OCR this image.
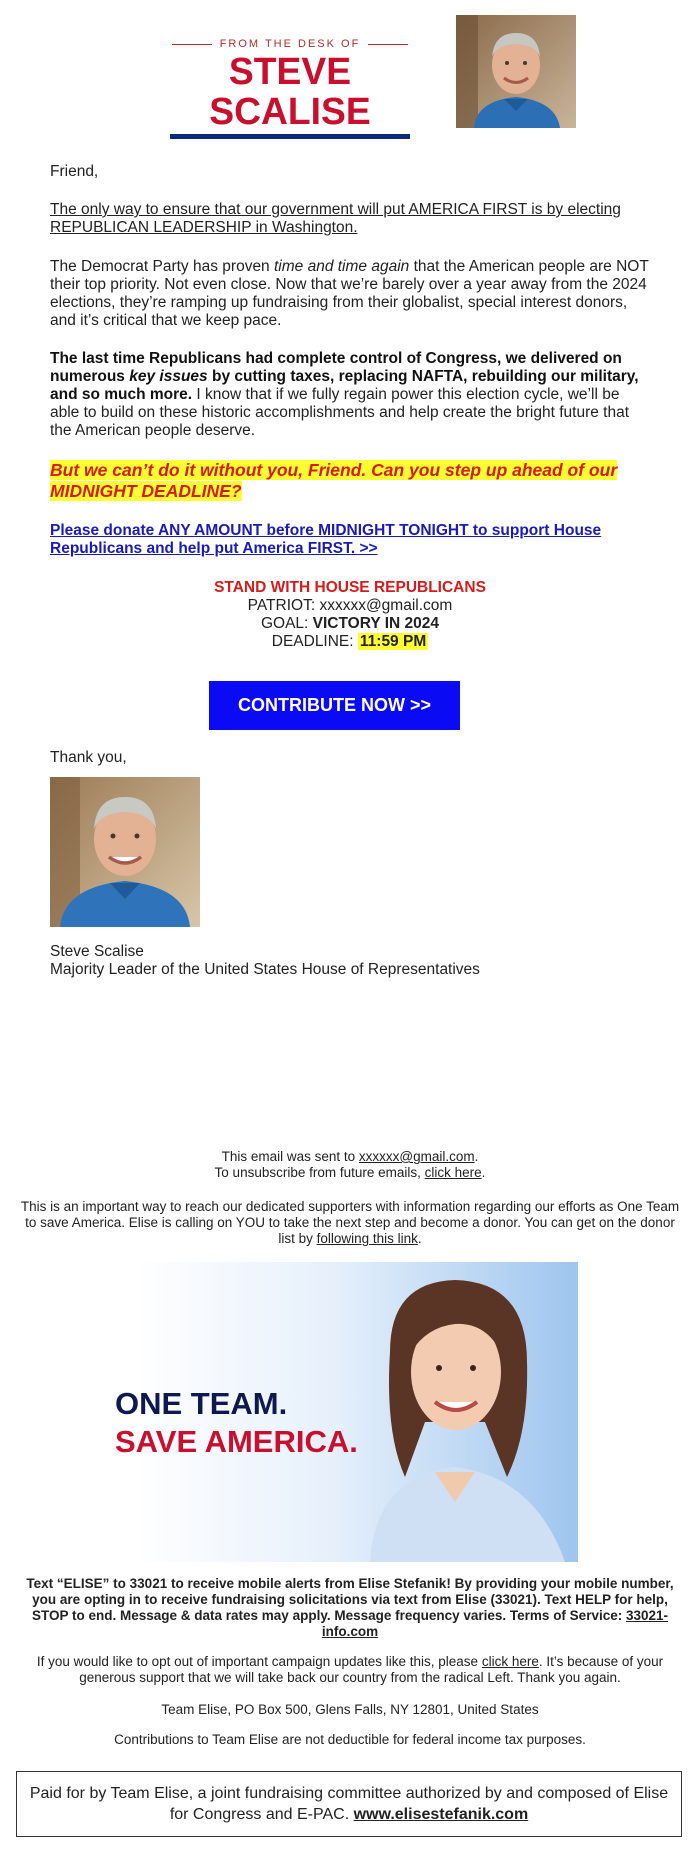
FROM THE DESK OF
STEVE SCALISE
Friend,
The only way to ensure that our government will put AMERICA FIRST is by electing REPUBLICAN LEADERSHIP in Washington.
The Democrat Party has proven time and time again that the American people are NOT their top priority. Not even close. Now that we’re barely over a year away from the 2024 elections, they’re ramping up fundraising from their globalist, special interest donors, and it’s critical that we keep pace.
The last time Republicans had complete control of Congress, we delivered on numerous key issues by cutting taxes, replacing NAFTA, rebuilding our military, and so much more. I know that if we fully regain power this election cycle, we’ll be able to build on these historic accomplishments and help create the bright future that the American people deserve.
But we can’t do it without you, Friend. Can you step up ahead of our MIDNIGHT DEADLINE?
Please donate ANY AMOUNT before MIDNIGHT TONIGHT to support House Republicans and help put America FIRST. >>
STAND WITH HOUSE REPUBLICANS
PATRIOT: xxxxxx@gmail.com
GOAL: VICTORY IN 2024
DEADLINE: 11:59 PM
CONTRIBUTE NOW >>
Thank you,
Steve Scalise
Majority Leader of the United States House of Representatives
This email was sent to xxxxxx@gmail.com.
To unsubscribe from future emails, click here.
This is an important way to reach our dedicated supporters with information regarding our efforts as One Team to save America. Elise is calling on YOU to take the next step and become a donor. You can get on the donor list by following this link.
ONE TEAM.
SAVE AMERICA.
Text “ELISE” to 33021 to receive mobile alerts from Elise Stefanik! By providing your mobile number, you are opting in to receive fundraising solicitations via text from Elise (33021). Text HELP for help, STOP to end. Message & data rates may apply. Message frequency varies. Terms of Service: 33021-info.com
If you would like to opt out of important campaign updates like this, please click here. It’s because of your generous support that we will take back our country from the radical Left. Thank you again.
Team Elise, PO Box 500, Glens Falls, NY 12801, United States
Contributions to Team Elise are not deductible for federal income tax purposes.
Paid for by Team Elise, a joint fundraising committee authorized by and composed of Elise for Congress and E-PAC. www.elisestefanik.com
